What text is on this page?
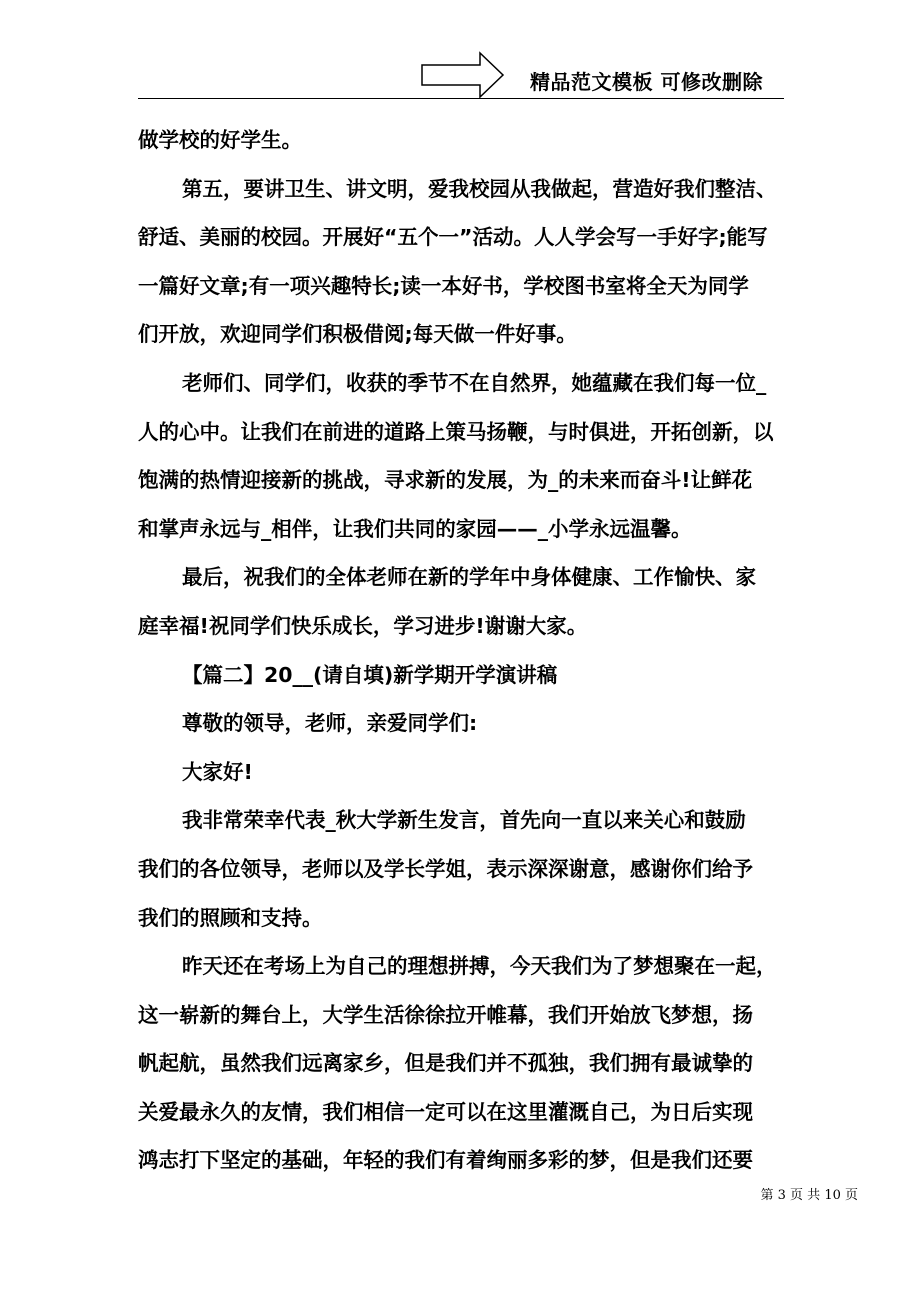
精品范文模板 可修改删除
做学校的好学生。
第五，要讲卫生、讲文明，爱我校园从我做起，营造好我们整洁、
舒适、美丽的校园。开展好“五个一”活动。人人学会写一手好字;能写
一篇好文章;有一项兴趣特长;读一本好书，学校图书室将全天为同学
们开放，欢迎同学们积极借阅;每天做一件好事。
老师们、同学们，收获的季节不在自然界，她蕴藏在我们每一位_
人的心中。让我们在前进的道路上策马扬鞭，与时俱进，开拓创新，以
饱满的热情迎接新的挑战，寻求新的发展，为_的未来而奋斗!让鲜花
和掌声永远与_相伴，让我们共同的家园——_小学永远温馨。
最后，祝我们的全体老师在新的学年中身体健康、工作愉快、家
庭幸福!祝同学们快乐成长，学习进步!谢谢大家。
【篇二】20__(请自填)新学期开学演讲稿
尊敬的领导，老师，亲爱同学们:
大家好!
我非常荣幸代表_秋大学新生发言，首先向一直以来关心和鼓励
我们的各位领导，老师以及学长学姐，表示深深谢意，感谢你们给予
我们的照顾和支持。
昨天还在考场上为自己的理想拼搏，今天我们为了梦想聚在一起，
这一崭新的舞台上，大学生活徐徐拉开帷幕，我们开始放飞梦想，扬
帆起航，虽然我们远离家乡，但是我们并不孤独，我们拥有最诚挚的
关爱最永久的友情，我们相信一定可以在这里灌溉自己，为日后实现
鸿志打下坚定的基础，年轻的我们有着绚丽多彩的梦，但是我们还要
第 3 页 共 10 页
